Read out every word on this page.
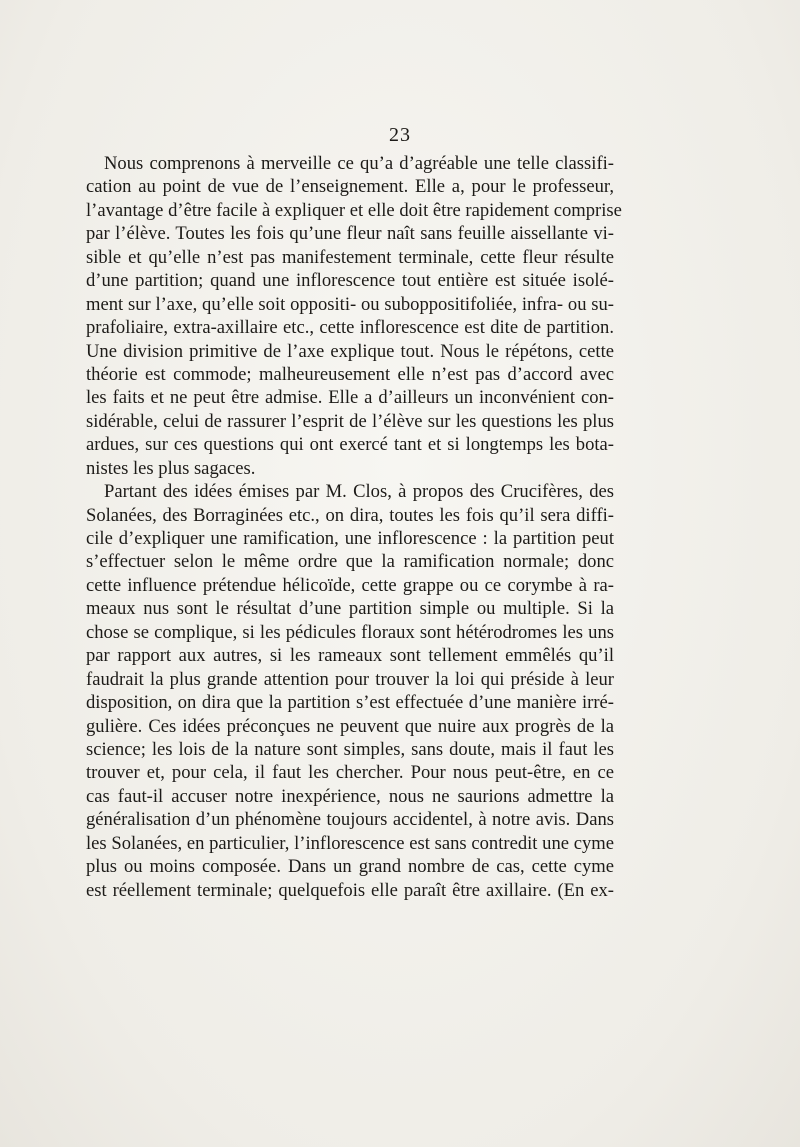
23
Nous comprenons à merveille ce qu’a d’agréable une telle classifi-
cation au point de vue de l’enseignement. Elle a, pour le professeur,
l’avantage d’être facile à expliquer et elle doit être rapidement comprise
par l’élève. Toutes les fois qu’une fleur naît sans feuille aissellante vi-
sible et qu’elle n’est pas manifestement terminale, cette fleur résulte
d’une partition; quand une inflorescence tout entière est située isolé-
ment sur l’axe, qu’elle soit oppositi- ou suboppositifoliée, infra- ou su-
prafoliaire, extra-axillaire etc., cette inflorescence est dite de partition.
Une division primitive de l’axe explique tout. Nous le répétons, cette
théorie est commode; malheureusement elle n’est pas d’accord avec
les faits et ne peut être admise. Elle a d’ailleurs un inconvénient con-
sidérable, celui de rassurer l’esprit de l’élève sur les questions les plus
ardues, sur ces questions qui ont exercé tant et si longtemps les bota-
nistes les plus sagaces.
Partant des idées émises par M. Clos, à propos des Crucifères, des
Solanées, des Borraginées etc., on dira, toutes les fois qu’il sera diffi-
cile d’expliquer une ramification, une inflorescence : la partition peut
s’effectuer selon le même ordre que la ramification normale; donc
cette influence prétendue hélicoïde, cette grappe ou ce corymbe à ra-
meaux nus sont le résultat d’une partition simple ou multiple. Si la
chose se complique, si les pédicules floraux sont hétérodromes les uns
par rapport aux autres, si les rameaux sont tellement emmêlés qu’il
faudrait la plus grande attention pour trouver la loi qui préside à leur
disposition, on dira que la partition s’est effectuée d’une manière irré-
gulière. Ces idées préconçues ne peuvent que nuire aux progrès de la
science; les lois de la nature sont simples, sans doute, mais il faut les
trouver et, pour cela, il faut les chercher. Pour nous peut-être, en ce
cas faut-il accuser notre inexpérience, nous ne saurions admettre la
généralisation d’un phénomène toujours accidentel, à notre avis. Dans
les Solanées, en particulier, l’inflorescence est sans contredit une cyme
plus ou moins composée. Dans un grand nombre de cas, cette cyme
est réellement terminale; quelquefois elle paraît être axillaire. (En ex-
